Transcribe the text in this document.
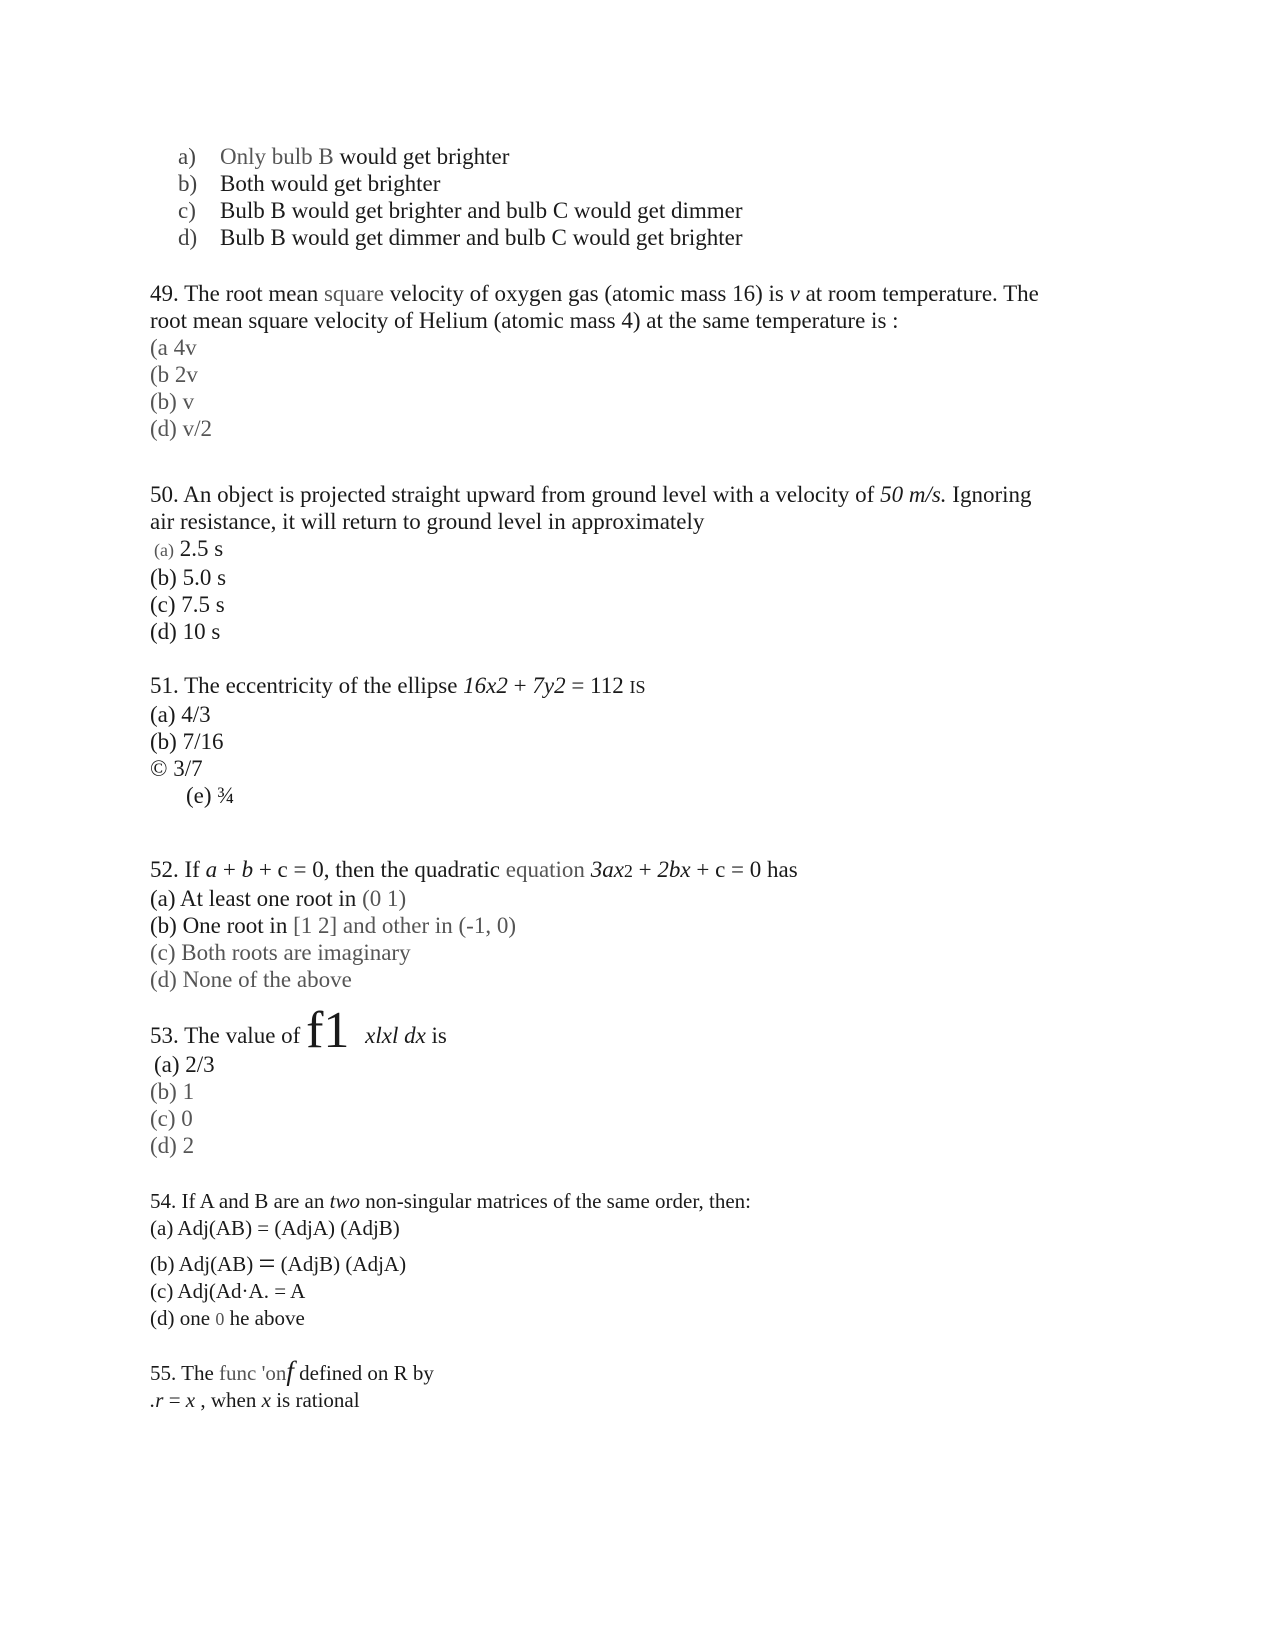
a)	Only bulb B would get brighter
b) Both would get brighter
c)	Bulb B would get brighter and bulb C would get dimmer
d) Bulb B would get dimmer and bulb C would get brighter
49. The root mean square velocity of oxygen gas (atomic mass 16) is v at room temperature. The
root mean square velocity of Helium (atomic mass 4) at the same temperature is :
(a 4v
(b 2v
(b) v
(d) v/2
50. An object is projected straight upward from ground level with a velocity of 50 m/s. Ignoring
air resistance, it will return to ground level in approximately
(a) 2.5 s
(b) 5.0 s
(c) 7.5 s
(d) 10 s
51. The eccentricity of the ellipse 16x2 + 7y2 = 112 IS
(a) 4/3
(b) 7/16
© 3/7
(e) ¾
52. If a + b + c = 0, then the quadratic equation 3ax2 + 2bx + c = 0 has
(a) At least one root in (0 1)
(b) One root in [1 2] and other in (-1, 0)
(c) Both roots are imaginary
(d) None of the above
53. The value of f1 xlxl dx is
(a) 2/3
(b) 1
(c) 0
(d) 2
54. If A and B are an two non-singular matrices of the same order, then:
(a) Adj(AB) = (AdjA) (AdjB)
(b) Adj(AB) = (AdjB) (AdjA)
(c) Adj(Ad·A. = A
(d) one 0 he above
55. The func 'onf defined on R by
.r = x , when x is rational
